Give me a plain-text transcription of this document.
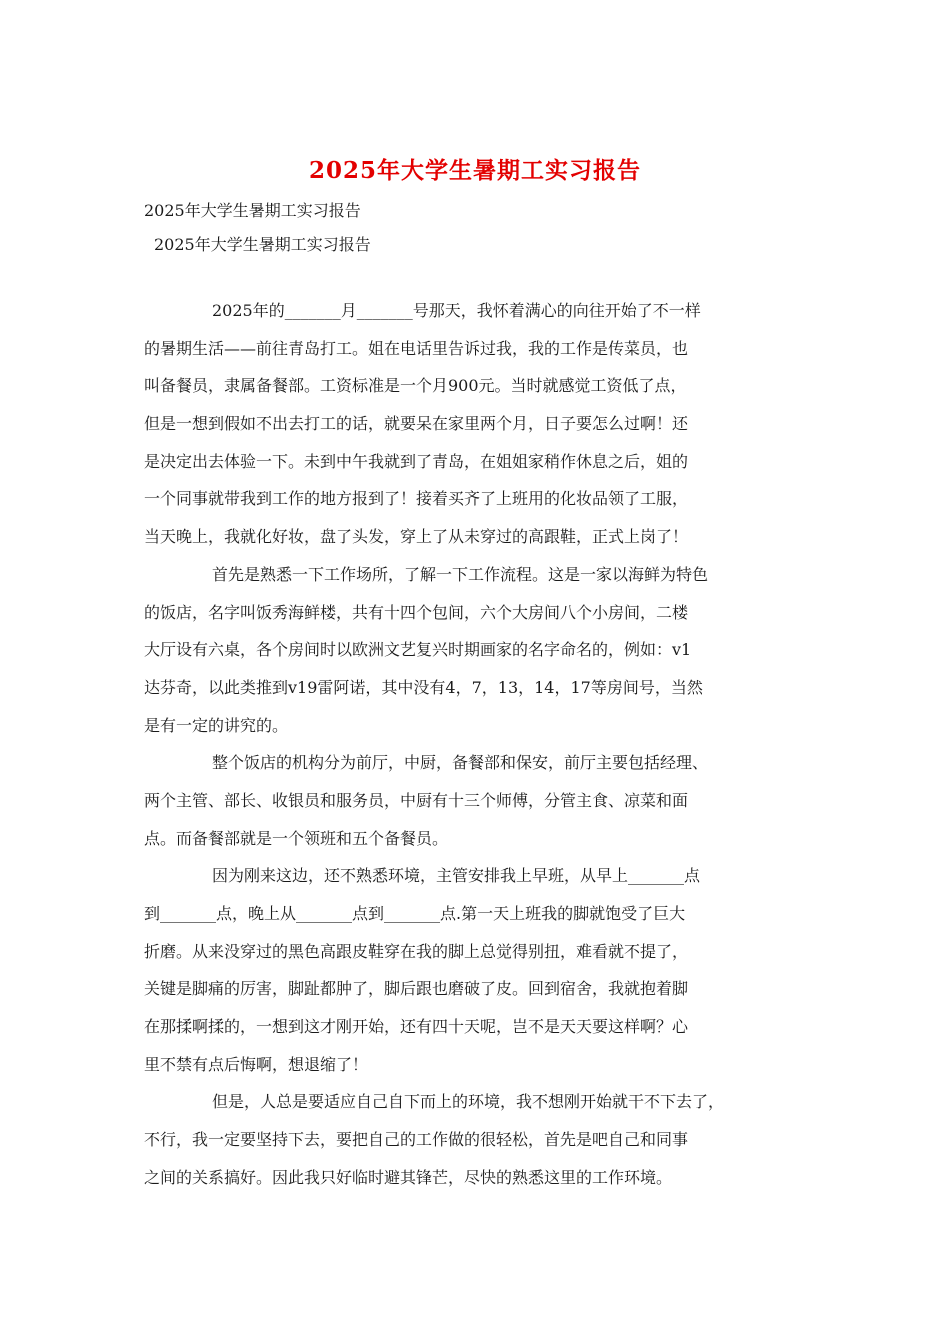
2025年大学生暑期工实习报告

2025年大学生暑期工实习报告

2025年大学生暑期工实习报告

2025年的_______月_______号那天，我怀着满心的向往开始了不一样

的暑期生活——前往青岛打工。姐在电话里告诉过我，我的工作是传菜员，也

叫备餐员，隶属备餐部。工资标准是一个月900元。当时就感觉工资低了点，

但是一想到假如不出去打工的话，就要呆在家里两个月，日子要怎么过啊！还

是决定出去体验一下。未到中午我就到了青岛，在姐姐家稍作休息之后，姐的

一个同事就带我到工作的地方报到了！接着买齐了上班用的化妆品领了工服，

当天晚上，我就化好妆，盘了头发，穿上了从未穿过的高跟鞋，正式上岗了！

首先是熟悉一下工作场所，了解一下工作流程。这是一家以海鲜为特色

的饭店，名字叫饭秀海鲜楼，共有十四个包间，六个大房间八个小房间，二楼

大厅设有六桌，各个房间时以欧洲文艺复兴时期画家的名字命名的，例如：v1

达芬奇，以此类推到v19雷阿诺，其中没有4，7，13，14，17等房间号，当然

是有一定的讲究的。

整个饭店的机构分为前厅，中厨，备餐部和保安，前厅主要包括经理、

两个主管、部长、收银员和服务员，中厨有十三个师傅，分管主食、凉菜和面

点。而备餐部就是一个领班和五个备餐员。

因为刚来这边，还不熟悉环境，主管安排我上早班，从早上_______点

到_______点，晚上从_______点到_______点.第一天上班我的脚就饱受了巨大

折磨。从来没穿过的黑色高跟皮鞋穿在我的脚上总觉得别扭，难看就不提了，

关键是脚痛的厉害，脚趾都肿了，脚后跟也磨破了皮。回到宿舍，我就抱着脚

在那揉啊揉的，一想到这才刚开始，还有四十天呢，岂不是天天要这样啊？心

里不禁有点后悔啊，想退缩了！

但是，人总是要适应自己自下而上的环境，我不想刚开始就干不下去了，

不行，我一定要坚持下去，要把自己的工作做的很轻松，首先是吧自己和同事

之间的关系搞好。因此我只好临时避其锋芒，尽快的熟悉这里的工作环境。
